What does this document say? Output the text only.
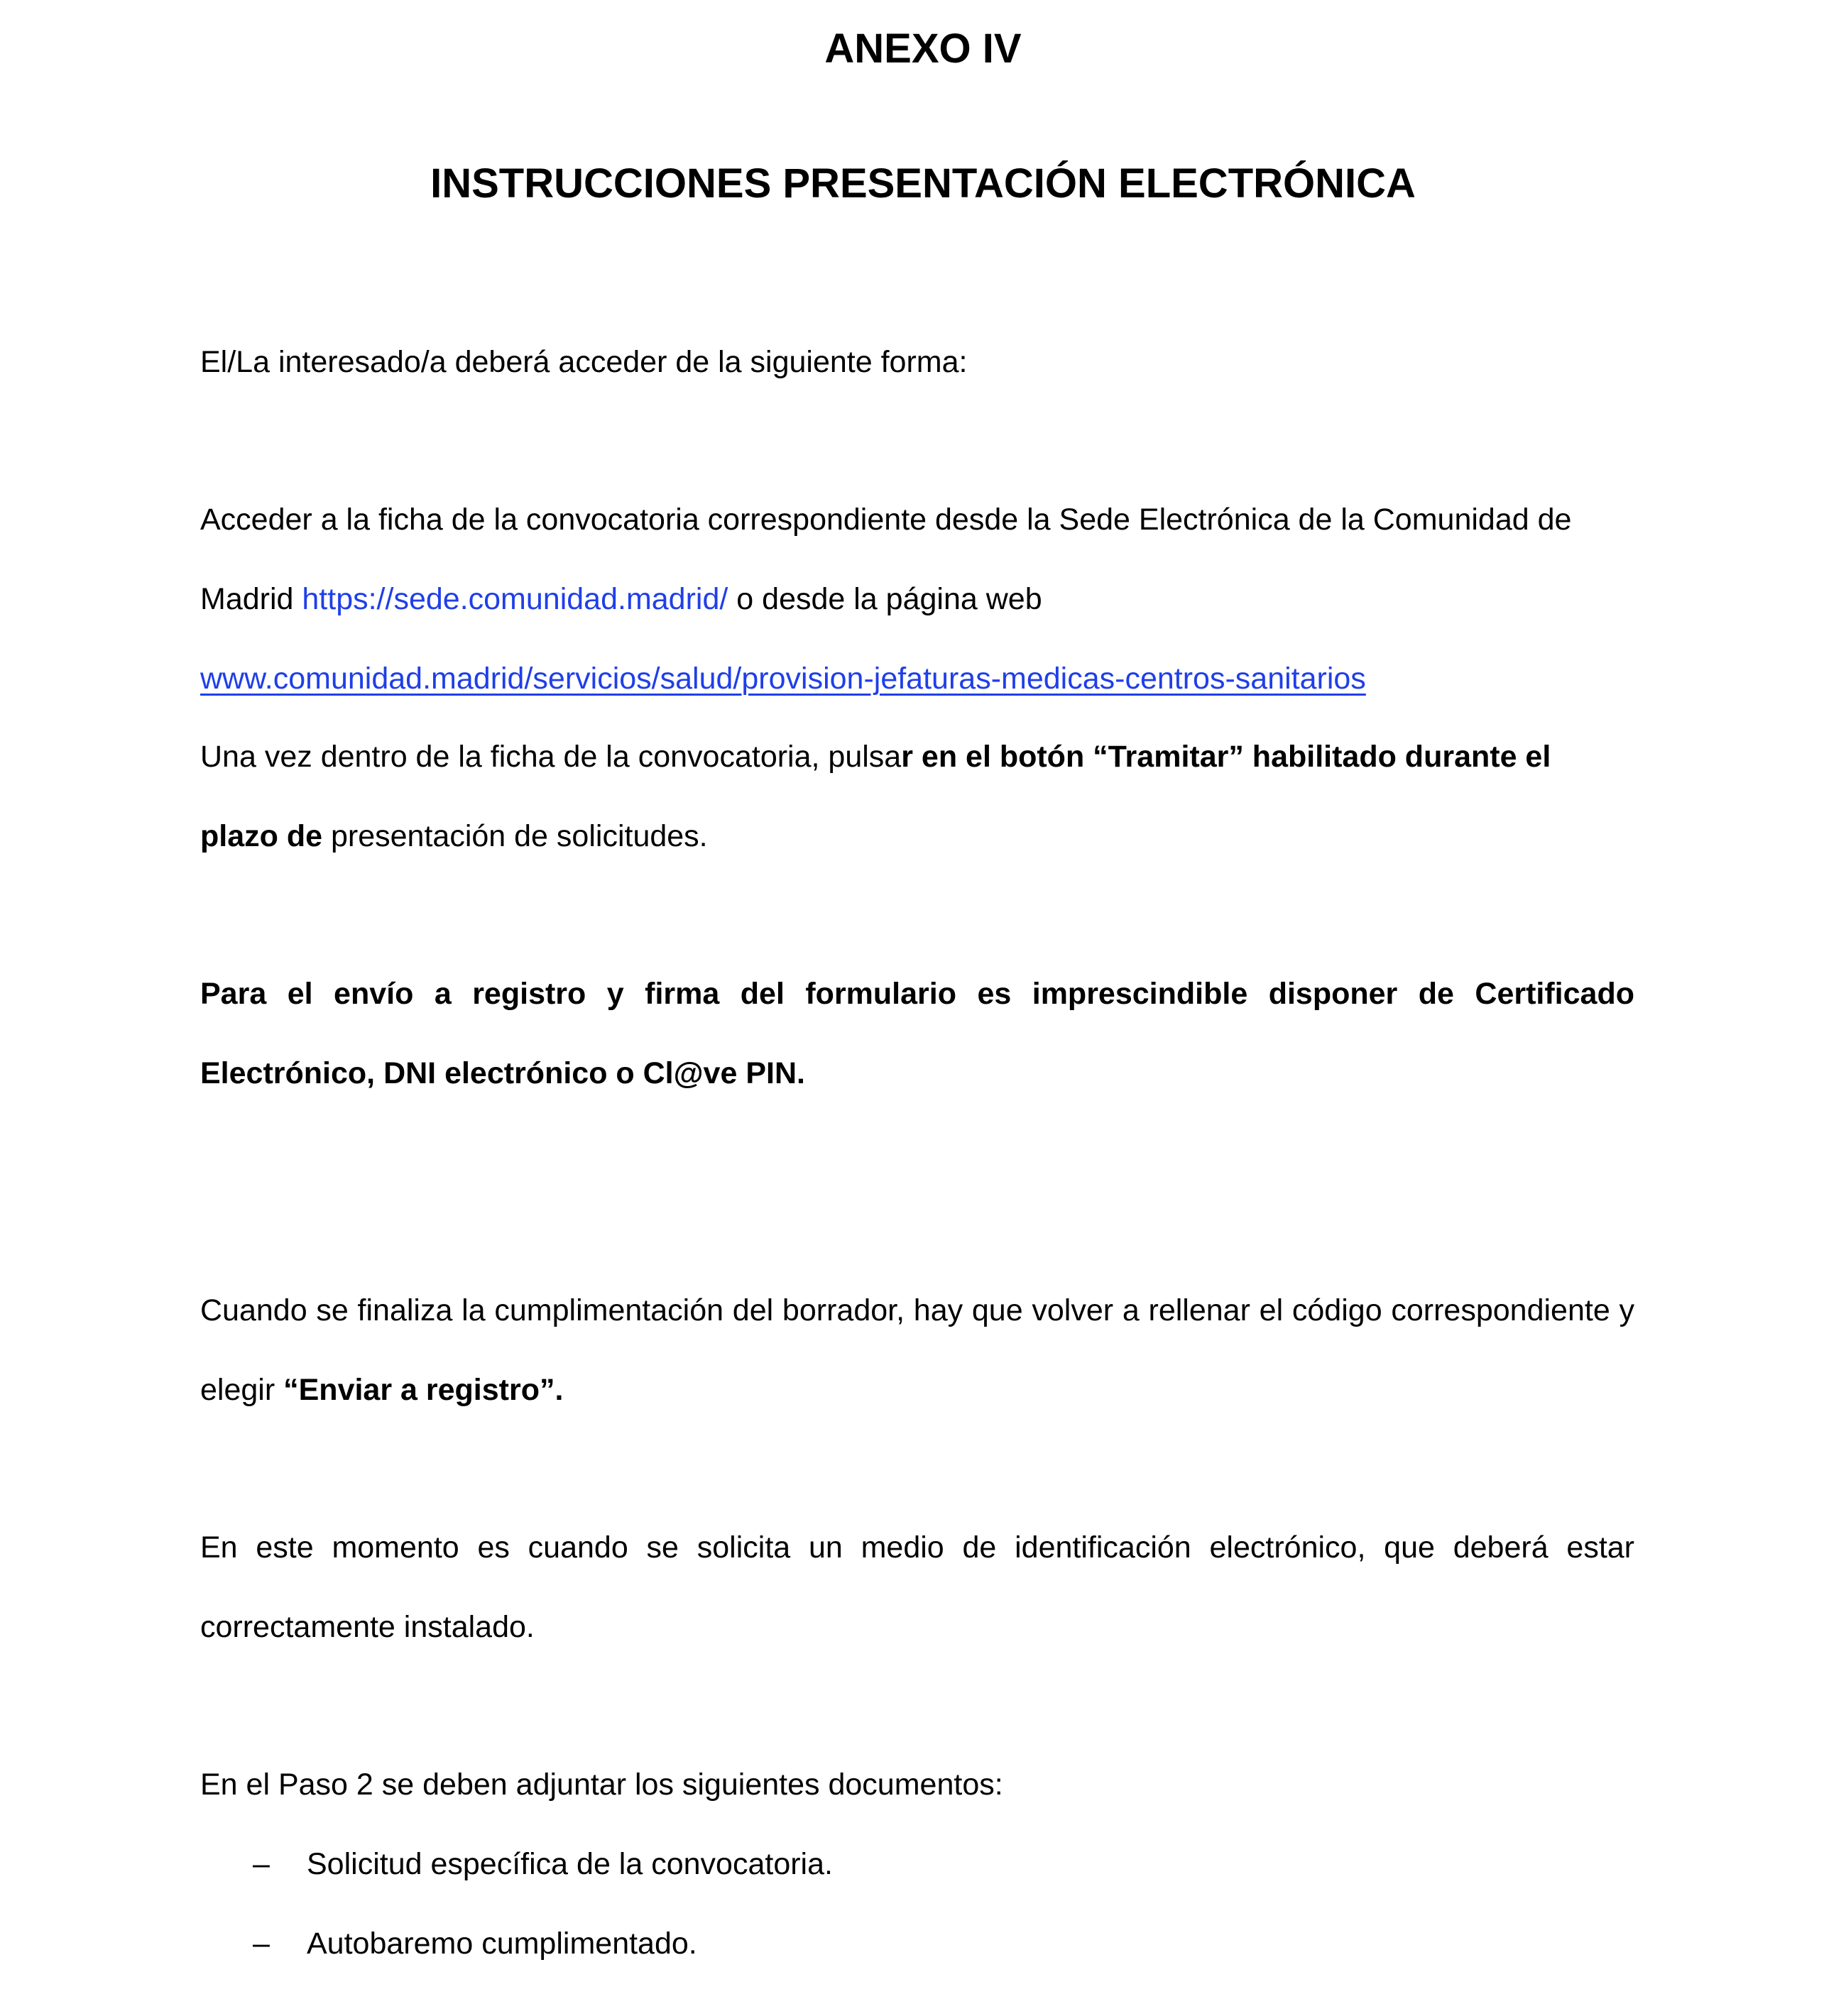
ANEXO IV
INSTRUCCIONES PRESENTACIÓN ELECTRÓNICA

El/La interesado/a deberá acceder de la siguiente forma:

Acceder a la ficha de la convocatoria correspondiente desde la Sede Electrónica de la Comunidad de Madrid https://sede.comunidad.madrid/ o desde la página web www.comunidad.madrid/servicios/salud/provision-jefaturas-medicas-centros-sanitarios

Una vez dentro de la ficha de la convocatoria, pulsar en el botón “Tramitar” habilitado durante el plazo de presentación de solicitudes.

Para el envío a registro y firma del formulario es imprescindible disponer de Certificado Electrónico, DNI electrónico o Cl@ve PIN.

Cuando se finaliza la cumplimentación del borrador, hay que volver a rellenar el código correspondiente y elegir “Enviar a registro”.

En este momento es cuando se solicita un medio de identificación electrónico, que deberá estar correctamente instalado.

En el Paso 2 se deben adjuntar los siguientes documentos:

– Solicitud específica de la convocatoria.

– Autobaremo cumplimentado.
